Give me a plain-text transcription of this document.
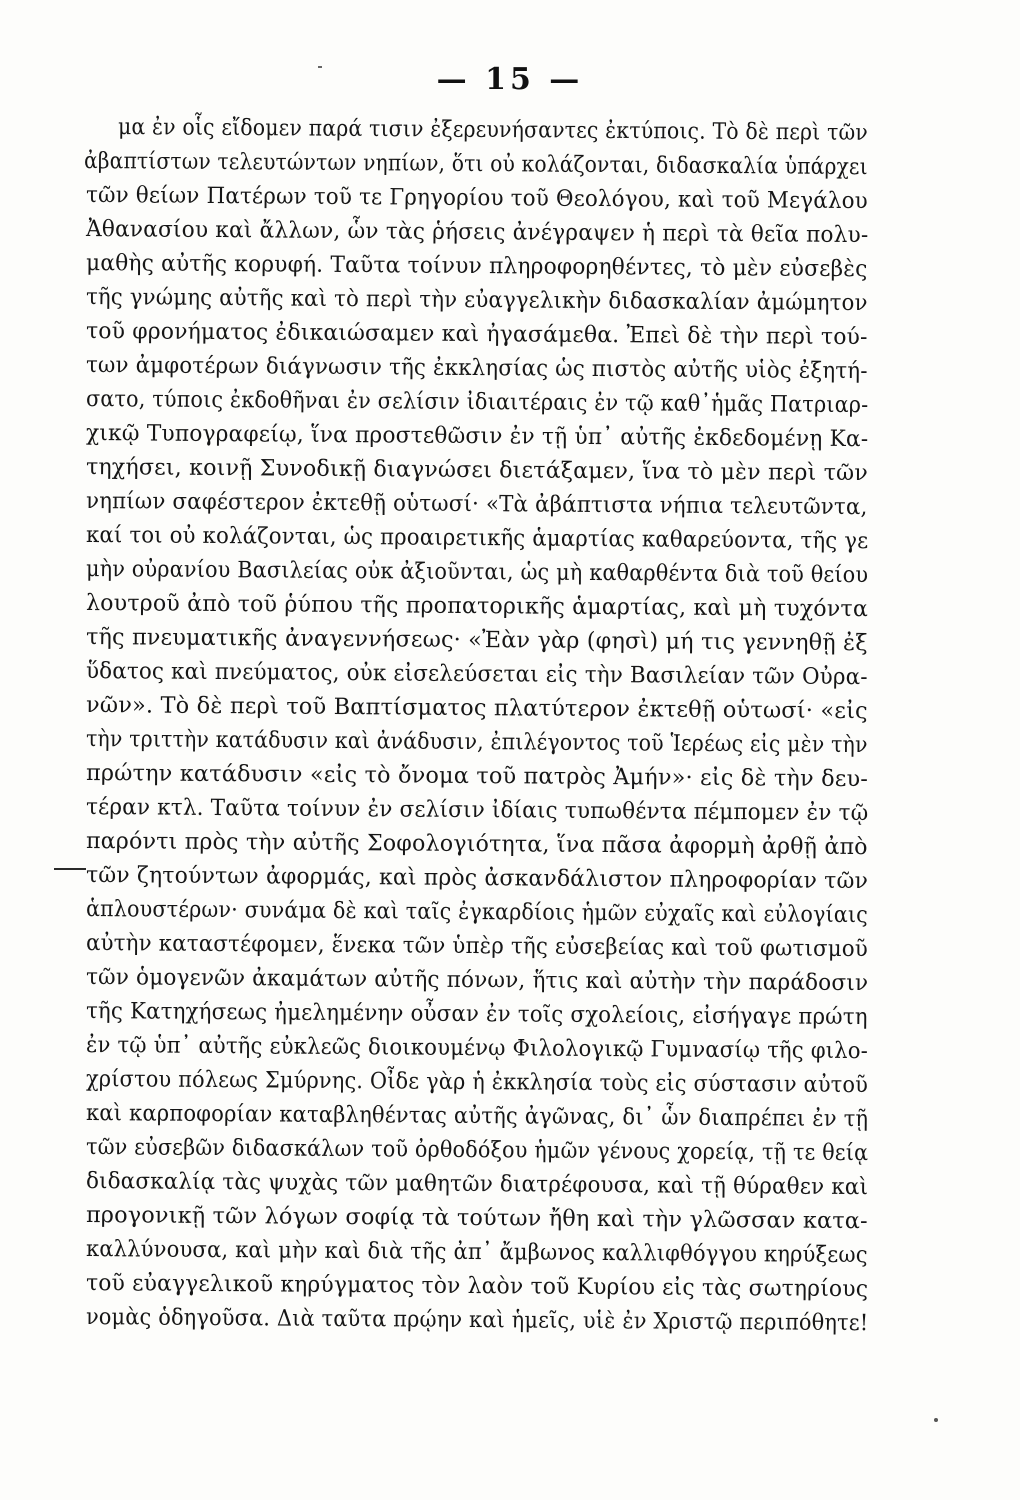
— 15 —
μα ἐν οἷς εἴδομεν παρά τισιν ἐξερευνήσαντες ἐκτύποις. Τὸ δὲ περὶ τῶν
ἀβαπτίστων τελευτώντων νηπίων, ὅτι οὐ κολάζονται, διδασκαλία ὑπάρχει
τῶν θείων Πατέρων τοῦ τε Γρηγορίου τοῦ Θεολόγου, καὶ τοῦ Μεγάλου
Ἀθανασίου καὶ ἄλλων, ὧν τὰς ῥήσεις ἀνέγραψεν ἡ περὶ τὰ θεῖα πολυ-
μαθὴς αὐτῆς κορυφή. Ταῦτα τοίνυν πληροφορηθέντες, τὸ μὲν εὐσεβὲς
τῆς γνώμης αὐτῆς καὶ τὸ περὶ τὴν εὐαγγελικὴν διδασκαλίαν ἀμώμητον
τοῦ φρονήματος ἐδικαιώσαμεν καὶ ἠγασάμεθα. Ἐπεὶ δὲ τὴν περὶ τού-
των ἀμφοτέρων διάγνωσιν τῆς ἐκκλησίας ὡς πιστὸς αὐτῆς υἱὸς ἐξητή-
σατο, τύποις ἐκδοθῆναι ἐν σελίσιν ἰδιαιτέραις ἐν τῷ καθ᾽ἡμᾶς Πατριαρ-
χικῷ Τυπογραφείῳ, ἵνα προστεθῶσιν ἐν τῇ ὑπ᾽ αὐτῆς ἐκδεδομένῃ Κα-
τηχήσει, κοινῇ Συνοδικῇ διαγνώσει διετάξαμεν, ἵνα τὸ μὲν περὶ τῶν
νηπίων σαφέστερον ἐκτεθῇ οὑτωσί· «Τὰ ἀβάπτιστα νήπια τελευτῶντα,
καί τοι οὐ κολάζονται, ὡς προαιρετικῆς ἁμαρτίας καθαρεύοντα, τῆς γε
μὴν οὐρανίου Βασιλείας οὐκ ἀξιοῦνται, ὡς μὴ καθαρθέντα διὰ τοῦ θείου
λουτροῦ ἀπὸ τοῦ ῥύπου τῆς προπατορικῆς ἁμαρτίας, καὶ μὴ τυχόντα
τῆς πνευματικῆς ἀναγεννήσεως· «Ἐὰν γὰρ (φησὶ) μή τις γεννηθῇ ἐξ
ὕδατος καὶ πνεύματος, οὐκ εἰσελεύσεται εἰς τὴν Βασιλείαν τῶν Οὐρα-
νῶν». Τὸ δὲ περὶ τοῦ Βαπτίσματος πλατύτερον ἐκτεθῇ οὑτωσί· «εἰς
τὴν τριττὴν κατάδυσιν καὶ ἀνάδυσιν, ἐπιλέγοντος τοῦ Ἱερέως εἰς μὲν τὴν
πρώτην κατάδυσιν «εἰς τὸ ὄνομα τοῦ πατρὸς Ἀμήν»· εἰς δὲ τὴν δευ-
τέραν κτλ. Ταῦτα τοίνυν ἐν σελίσιν ἰδίαις τυπωθέντα πέμπομεν ἐν τῷ
παρόντι πρὸς τὴν αὐτῆς Σοφολογιότητα, ἵνα πᾶσα ἀφορμὴ ἀρθῇ ἀπὸ
τῶν ζητούντων ἀφορμάς, καὶ πρὸς ἀσκανδάλιστον πληροφορίαν τῶν
ἁπλουστέρων· συνάμα δὲ καὶ ταῖς ἐγκαρδίοις ἡμῶν εὐχαῖς καὶ εὐλογίαις
αὐτὴν καταστέφομεν, ἕνεκα τῶν ὑπὲρ τῆς εὐσεβείας καὶ τοῦ φωτισμοῦ
τῶν ὁμογενῶν ἀκαμάτων αὐτῆς πόνων, ἥτις καὶ αὐτὴν τὴν παράδοσιν
τῆς Κατηχήσεως ἠμελημένην οὖσαν ἐν τοῖς σχολείοις, εἰσήγαγε πρώτη
ἐν τῷ ὑπ᾽ αὐτῆς εὐκλεῶς διοικουμένῳ Φιλολογικῷ Γυμνασίῳ τῆς φιλο-
χρίστου πόλεως Σμύρνης. Οἶδε γὰρ ἡ ἐκκλησία τοὺς εἰς σύστασιν αὐτοῦ
καὶ καρποφορίαν καταβληθέντας αὐτῆς ἀγῶνας, δι᾽ ὧν διαπρέπει ἐν τῇ
τῶν εὐσεβῶν διδασκάλων τοῦ ὀρθοδόξου ἡμῶν γένους χορείᾳ, τῇ τε θείᾳ
διδασκαλίᾳ τὰς ψυχὰς τῶν μαθητῶν διατρέφουσα, καὶ τῇ θύραθεν καὶ
προγονικῇ τῶν λόγων σοφίᾳ τὰ τούτων ἤθη καὶ τὴν γλῶσσαν κατα-
καλλύνουσα, καὶ μὴν καὶ διὰ τῆς ἀπ᾽ ἄμβωνος καλλιφθόγγου κηρύξεως
τοῦ εὐαγγελικοῦ κηρύγματος τὸν λαὸν τοῦ Κυρίου εἰς τὰς σωτηρίους
νομὰς ὁδηγοῦσα. Διὰ ταῦτα πρῴην καὶ ἡμεῖς, υἱὲ ἐν Χριστῷ περιπόθητε!
